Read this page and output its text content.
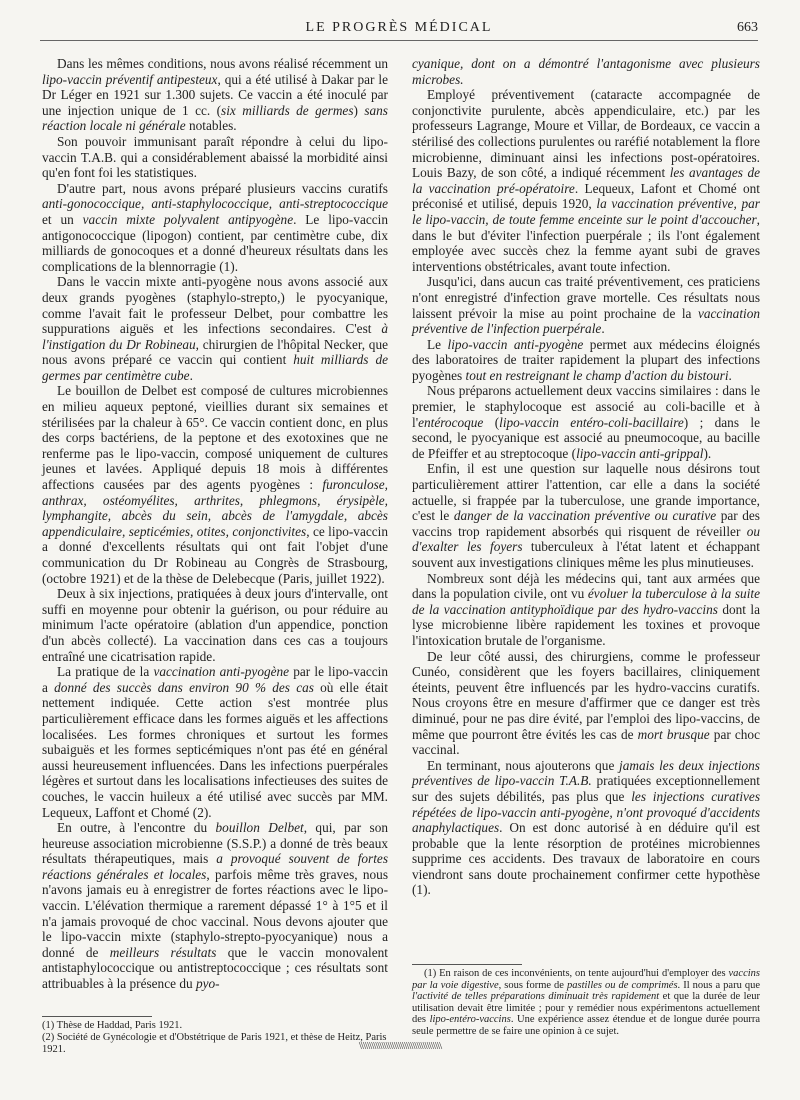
LE PROGRÈS MÉDICAL	663

Dans les mêmes conditions, nous avons réalisé récemment un lipo-vaccin préventif antipesteux, qui a été utilisé à Dakar par le Dr Léger en 1921 sur 1.300 sujets. Ce vaccin a été inoculé par une injection unique de 1 cc. (six milliards de germes) sans réaction locale ni générale notables.

Son pouvoir immunisant paraît répondre à celui du lipo-vaccin T.A.B. qui a considérablement abaissé la morbidité ainsi qu'en font foi les statistiques.

D'autre part, nous avons préparé plusieurs vaccins curatifs anti-gonococcique, anti-staphylococcique, anti-streptococcique et un vaccin mixte polyvalent antipyogène. Le lipo-vaccin antigonococcique (lipogon) contient, par centimètre cube, dix milliards de gonocoques et a donné d'heureux résultats dans les complications de la blennorragie (1).

Dans le vaccin mixte anti-pyogène nous avons associé aux deux grands pyogènes (staphylo-strepto,) le pyocyanique, comme l'avait fait le professeur Delbet, pour combattre les suppurations aiguës et les infections secondaires. C'est à l'instigation du Dr Robineau, chirurgien de l'hôpital Necker, que nous avons préparé ce vaccin qui contient huit milliards de germes par centimètre cube.

Le bouillon de Delbet est composé de cultures microbiennes en milieu aqueux peptoné, vieillies durant six semaines et stérilisées par la chaleur à 65°. Ce vaccin contient donc, en plus des corps bactériens, de la peptone et des exotoxines que ne renferme pas le lipo-vaccin, composé uniquement de cultures jeunes et lavées. Appliqué depuis 18 mois à différentes affections causées par des agents pyogènes : furonculose, anthrax, ostéomyélites, arthrites, phlegmons, érysipèle, lymphangite, abcès du sein, abcès de l'amygdale, abcès appendiculaire, septicémies, otites, conjonctivites, ce lipo-vaccin a donné d'excellents résultats qui ont fait l'objet d'une communication du Dr Robineau au Congrès de Strasbourg, (octobre 1921) et de la thèse de Delebecque (Paris, juillet 1922).

Deux à six injections, pratiquées à deux jours d'intervalle, ont suffi en moyenne pour obtenir la guérison, ou pour réduire au minimum l'acte opératoire (ablation d'un appendice, ponction d'un abcès collecté). La vaccination dans ces cas a toujours entraîné une cicatrisation rapide.

La pratique de la vaccination anti-pyogène par le lipo-vaccin a donné des succès dans environ 90 % des cas où elle était nettement indiquée. Cette action s'est montrée plus particulièrement efficace dans les formes aiguës et les affections localisées. Les formes chroniques et surtout les formes subaiguës et les formes septicémiques n'ont pas été en général aussi heureusement influencées. Dans les infections puerpérales légères et surtout dans les localisations infectieuses des suites de couches, le vaccin huileux a été utilisé avec succès par MM. Lequeux, Laffont et Chomé (2).

En outre, à l'encontre du bouillon Delbet, qui, par son heureuse association microbienne (S.S.P.) a donné de très beaux résultats thérapeutiques, mais a provoqué souvent de fortes réactions générales et locales, parfois même très graves, nous n'avons jamais eu à enregistrer de fortes réactions avec le lipo-vaccin. L'élévation thermique a rarement dépassé 1° à 1°5 et il n'a jamais provoqué de choc vaccinal. Nous devons ajouter que le lipo-vaccin mixte (staphylo-strepto-pyocyanique) nous a donné de meilleurs résultats que le vaccin monovalent antistaphylococcique ou antistreptococcique ; ces résultats sont attribuables à la présence du pyo-

cyanique, dont on a démontré l'antagonisme avec plusieurs microbes.

Employé préventivement (cataracte accompagnée de conjonctivite purulente, abcès appendiculaire, etc.) par les professeurs Lagrange, Moure et Villar, de Bordeaux, ce vaccin a stérilisé des collections purulentes ou raréfié notablement la flore microbienne, diminuant ainsi les infections post-opératoires. Louis Bazy, de son côté, a indiqué récemment les avantages de la vaccination pré-opératoire. Lequeux, Lafont et Chomé ont préconisé et utilisé, depuis 1920, la vaccination préventive, par le lipo-vaccin, de toute femme enceinte sur le point d'accoucher, dans le but d'éviter l'infection puerpérale ; ils l'ont également employée avec succès chez la femme ayant subi de graves interventions obstétricales, avant toute infection.

Jusqu'ici, dans aucun cas traité préventivement, ces praticiens n'ont enregistré d'infection grave mortelle. Ces résultats nous laissent prévoir la mise au point prochaine de la vaccination préventive de l'infection puerpérale.

Le lipo-vaccin anti-pyogène permet aux médecins éloignés des laboratoires de traiter rapidement la plupart des infections pyogènes tout en restreignant le champ d'action du bistouri.

Nous préparons actuellement deux vaccins similaires : dans le premier, le staphylocoque est associé au coli-bacille et à l'entérocoque (lipo-vaccin entéro-coli-bacillaire) ; dans le second, le pyocyanique est associé au pneumocoque, au bacille de Pfeiffer et au streptocoque (lipo-vaccin anti-grippal).

Enfin, il est une question sur laquelle nous désirons tout particulièrement attirer l'attention, car elle a dans la société actuelle, si frappée par la tuberculose, une grande importance, c'est le danger de la vaccination préventive ou curative par des vaccins trop rapidement absorbés qui risquent de réveiller ou d'exalter les foyers tuberculeux à l'état latent et échappant souvent aux investigations cliniques même les plus minutieuses.

Nombreux sont déjà les médecins qui, tant aux armées que dans la population civile, ont vu évoluer la tuberculose à la suite de la vaccination antityphoïdique par des hydro-vaccins dont la lyse microbienne libère rapidement les toxines et provoque l'intoxication brutale de l'organisme.

De leur côté aussi, des chirurgiens, comme le professeur Cunéo, considèrent que les foyers bacillaires, cliniquement éteints, peuvent être influencés par les hydro-vaccins curatifs. Nous croyons être en mesure d'affirmer que ce danger est très diminué, pour ne pas dire évité, par l'emploi des lipo-vaccins, de même que pourront être évités les cas de mort brusque par choc vaccinal.

En terminant, nous ajouterons que jamais les deux injections préventives de lipo-vaccin T.A.B. pratiquées exceptionnellement sur des sujets débilités, pas plus que les injections curatives répétées de lipo-vaccin anti-pyogène, n'ont provoqué d'accidents anaphylactiques. On est donc autorisé à en déduire qu'il est probable que la lente résorption de protéines microbiennes supprime ces accidents. Des travaux de laboratoire en cours viendront sans doute prochainement confirmer cette hypothèse (1).

(1) Thèse de Haddad, Paris 1921.

(2) Société de Gynécologie et d'Obstétrique de Paris 1921, et thèse de Heitz, Paris 1921.

(1) En raison de ces inconvénients, on tente aujourd'hui d'employer des vaccins par la voie digestive, sous forme de pastilles ou de comprimés. Il nous a paru que l'activité de telles préparations diminuait très rapidement et que la durée de leur utilisation devait être limitée ; pour y remédier nous expérimentons actuellement des lipo-entéro-vaccins. Une expérience assez étendue et de longue durée pourra seule permettre de se faire une opinion à ce sujet.

\\\\\\\\\\\\\\\\\\\\\\\\\\\\\\\\\\\\\\\\
